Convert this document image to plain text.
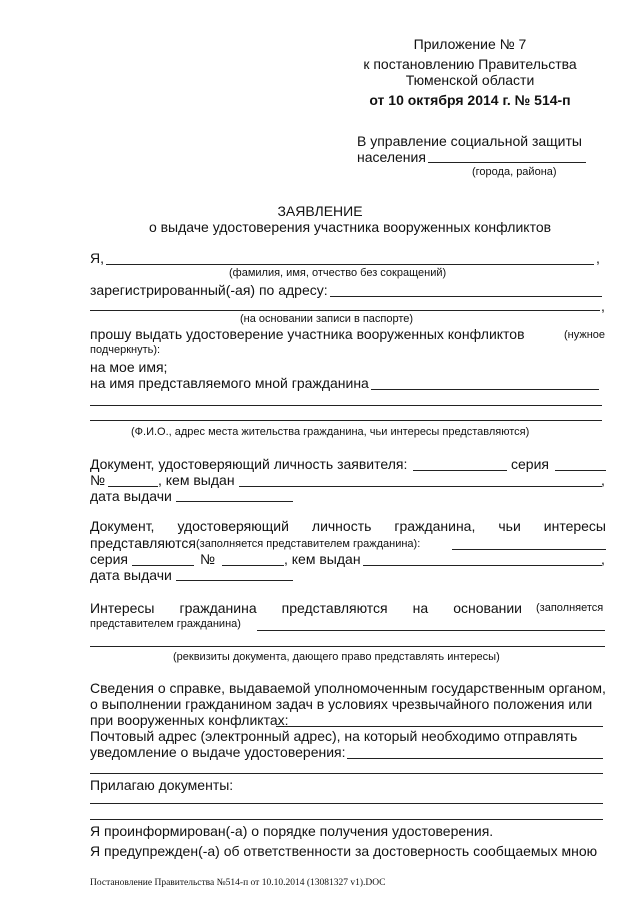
Приложение № 7
к постановлению Правительства
Тюменской области
от 10 октября 2014 г. № 514-п
В управление социальной защиты
населения
(города, района)
ЗАЯВЛЕНИЕ
о выдаче удостоверения участника вооруженных конфликтов
Я,	,
(фамилия, имя, отчество без сокращений)
зарегистрированный(-ая) по адресу:
,
(на основании записи в паспорте)
прошу выдать удостоверение участника вооруженных конфликтов	(нужное
подчеркнуть):
на мое имя;
на имя представляемого мной гражданина
(Ф.И.О., адрес места жительства гражданина, чьи интересы представляются)
Документ, удостоверяющий личность заявителя:	серия
№	, кем выдан	,
дата выдачи
Документ, удостоверяющий личность гражданина, чьи интересы
представляются (заполняется представителем гражданина):
серия	№	, кем выдан	,
дата выдачи
Интересы гражданина представляются на основании (заполняется
представителем гражданина)
(реквизиты документа, дающего право представлять интересы)
Сведения о справке, выдаваемой уполномоченным государственным органом,
о выполнении гражданином задач в условиях чрезвычайного положения или
при вооруженных конфликтах:
Почтовый адрес (электронный адрес), на который необходимо отправлять
уведомление о выдаче удостоверения:
Прилагаю документы:
Я проинформирован(-а) о порядке получения удостоверения.
Я предупрежден(-а) об ответственности за достоверность сообщаемых мною
Постановление Правительства №514-п от 10.10.2014 (13081327 v1).DOC
